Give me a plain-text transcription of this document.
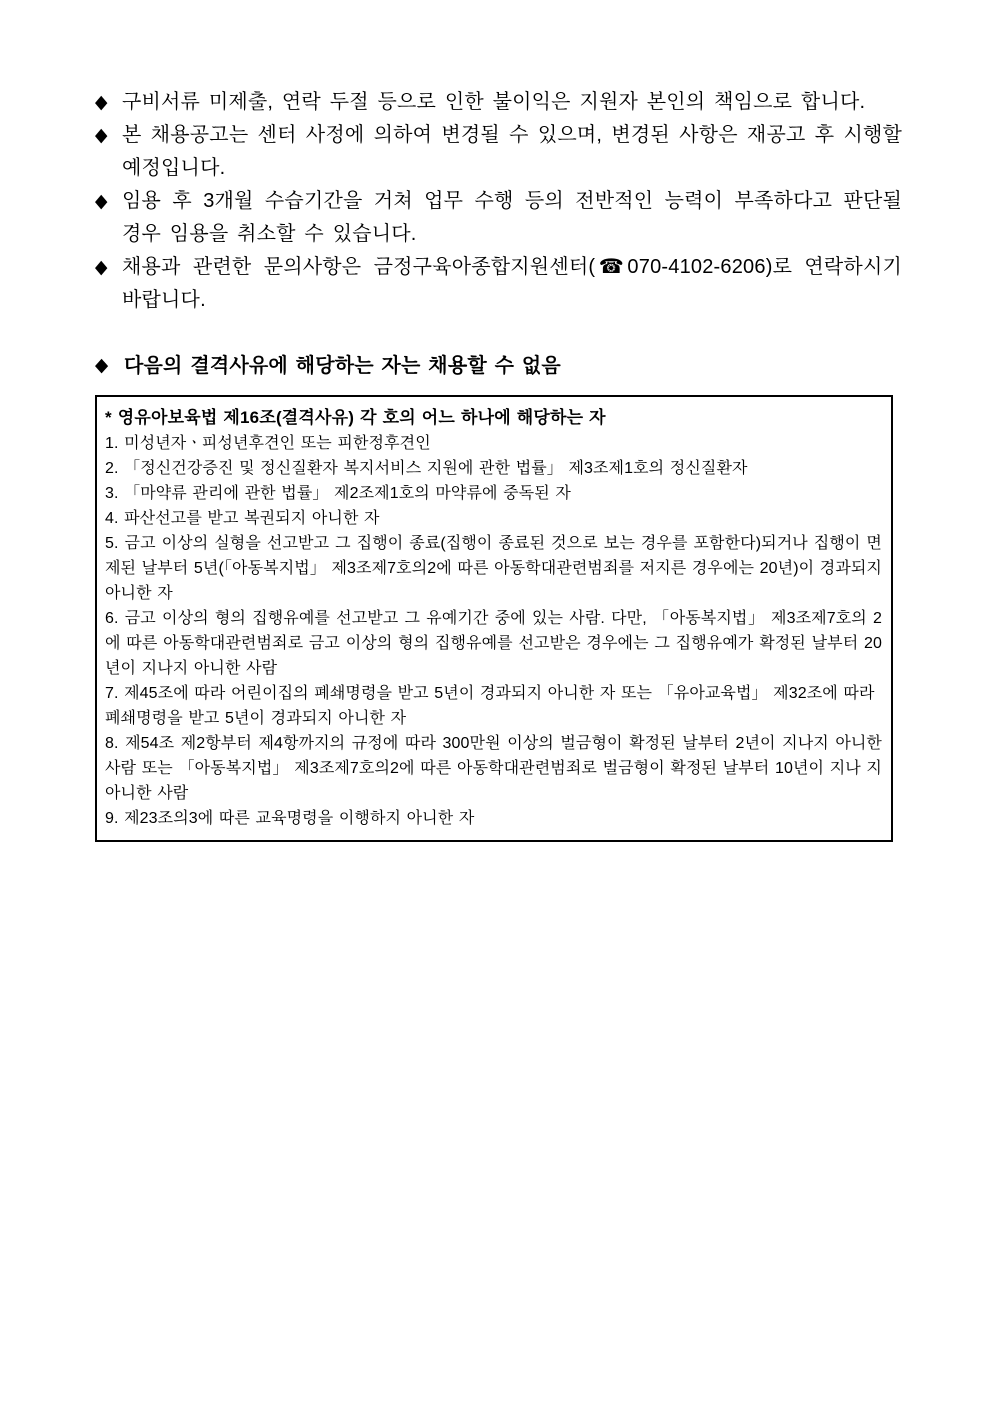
◆ 구비서류 미제출, 연락 두절 등으로 인한 불이익은 지원자 본인의 책임으로 합니다.
◆ 본 채용공고는 센터 사정에 의하여 변경될 수 있으며, 변경된 사항은 재공고 후 시행할 예정입니다.
◆ 임용 후 3개월 수습기간을 거쳐 업무 수행 등의 전반적인 능력이 부족하다고 판단될 경우 임용을 취소할 수 있습니다.
◆ 채용과 관련한 문의사항은 금정구육아종합지원센터(☎070-4102-6206)로 연락하시기 바랍니다.
◆ 다음의 결격사유에 해당하는 자는 채용할 수 없음
* 영유아보육법 제16조(결격사유) 각 호의 어느 하나에 해당하는 자
1. 미성년자ㆍ피성년후견인 또는 피한정후견인
2. 「정신건강증진 및 정신질환자 복지서비스 지원에 관한 법률」 제3조제1호의 정신질환자
3. 「마약류 관리에 관한 법률」 제2조제1호의 마약류에 중독된 자
4. 파산선고를 받고 복권되지 아니한 자
5. 금고 이상의 실형을 선고받고 그 집행이 종료(집행이 종료된 것으로 보는 경우를 포함한다)되거나 집행이 면제된 날부터 5년(「아동복지법」 제3조제7호의2에 따른 아동학대관련범죄를 저지른 경우에는 20년)이 경과되지 아니한 자
6. 금고 이상의 형의 집행유예를 선고받고 그 유예기간 중에 있는 사람. 다만, 「아동복지법」 제3조제7호의 2에 따른 아동학대관련범죄로 금고 이상의 형의 집행유예를 선고받은 경우에는 그 집행유예가 확정된 날부터 20년이 지나지 아니한 사람
7. 제45조에 따라 어린이집의 폐쇄명령을 받고 5년이 경과되지 아니한 자 또는 「유아교육법」 제32조에 따라 폐쇄명령을 받고 5년이 경과되지 아니한 자
8. 제54조 제2항부터 제4항까지의 규정에 따라 300만원 이상의 벌금형이 확정된 날부터 2년이 지나지 아니한 사람 또는 「아동복지법」 제3조제7호의2에 따른 아동학대관련범죄로 벌금형이 확정된 날부터 10년이 지나 지 아니한 사람
9. 제23조의3에 따른 교육명령을 이행하지 아니한 자
